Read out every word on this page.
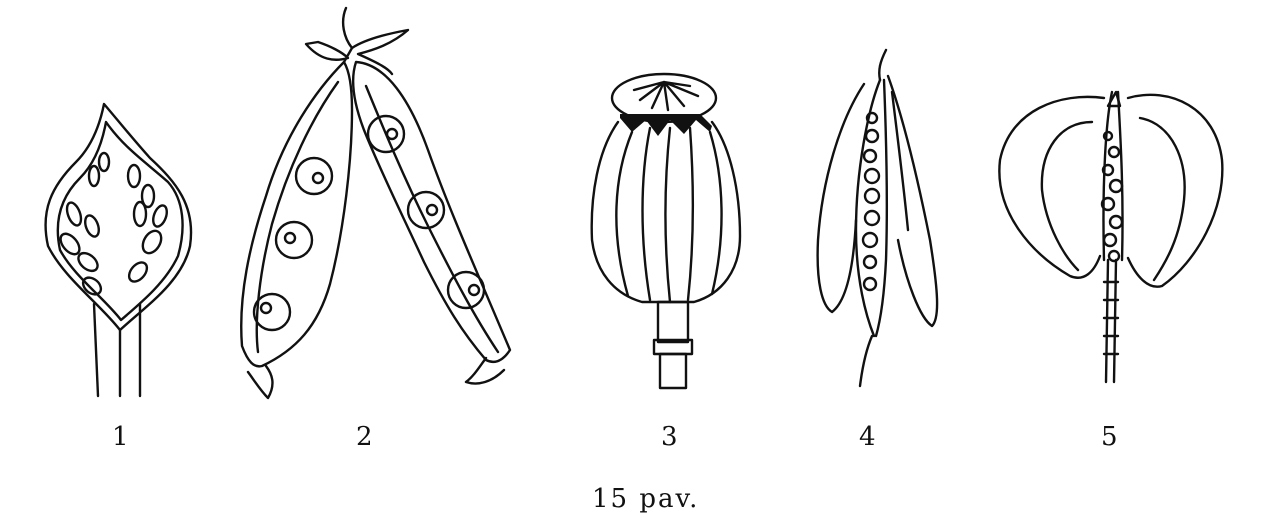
1	2	3	4	5
15 pav.
